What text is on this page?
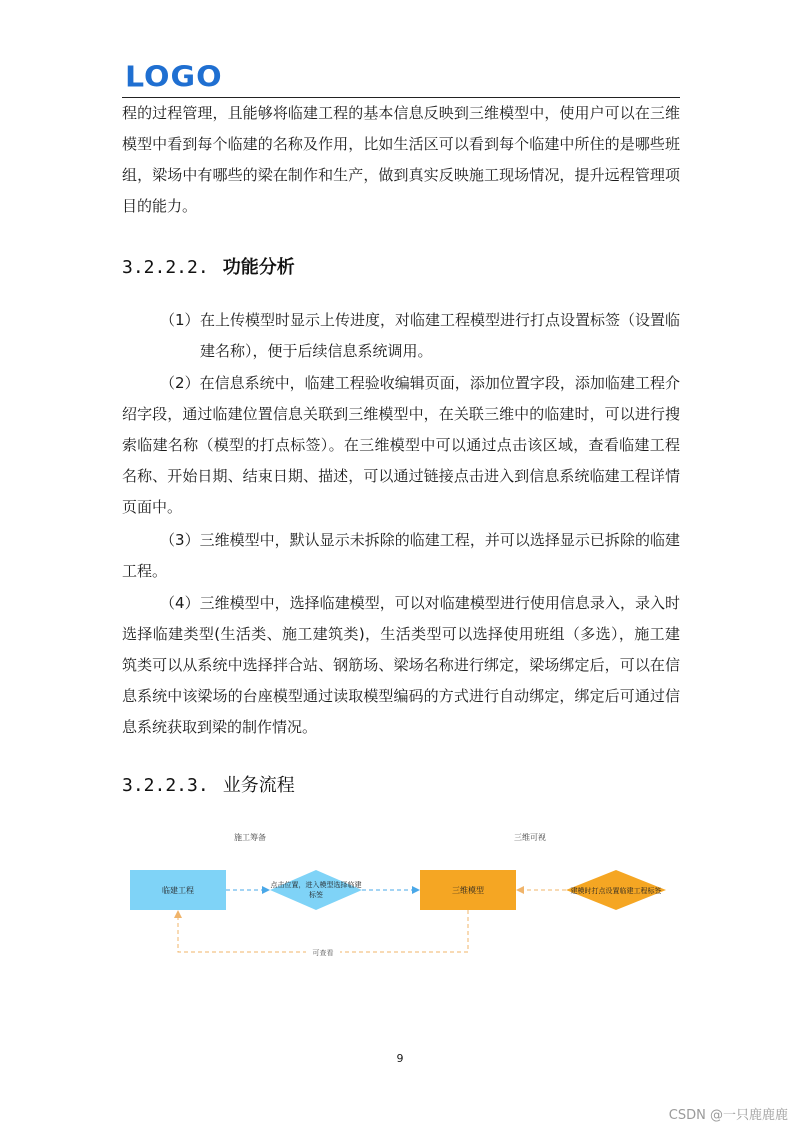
LOGO

程的过程管理，且能够将临建工程的基本信息反映到三维模型中，使用户可以在三维模型中看到每个临建的名称及作用，比如生活区可以看到每个临建中所住的是哪些班组，梁场中有哪些的梁在制作和生产，做到真实反映施工现场情况，提升远程管理项目的能力。

3.2.2.2. 功能分析
（1） 在上传模型时显示上传进度，对临建工程模型进行打点设置标签（设置临建名称），便于后续信息系统调用。

（2）在信息系统中，临建工程验收编辑页面，添加位置字段，添加临建工程介绍字段，通过临建位置信息关联到三维模型中，在关联三维中的临建时，可以进行搜索临建名称（模型的打点标签）。在三维模型中可以通过点击该区域，查看临建工程名称、开始日期、结束日期、描述，可以通过链接点击进入到信息系统临建工程详情页面中。

（3）三维模型中，默认显示未拆除的临建工程，并可以选择显示已拆除的临建工程。

（4）三维模型中，选择临建模型，可以对临建模型进行使用信息录入，录入时选择临建类型(生活类、施工建筑类)，生活类型可以选择使用班组（多选），施工建筑类可以从系统中选择拌合站、钢筋场、梁场名称进行绑定，梁场绑定后，可以在信息系统中该梁场的台座模型通过读取模型编码的方式进行自动绑定，绑定后可通过信息系统获取到梁的制作情况。

3.2.2.3. 业务流程
施工筹备	三维可视
临建工程
点击位置，进入模型选择临建
标签	三维模型	建模时打点设置临建工程标签
可查看
9
CSDN @一只鹿鹿鹿
